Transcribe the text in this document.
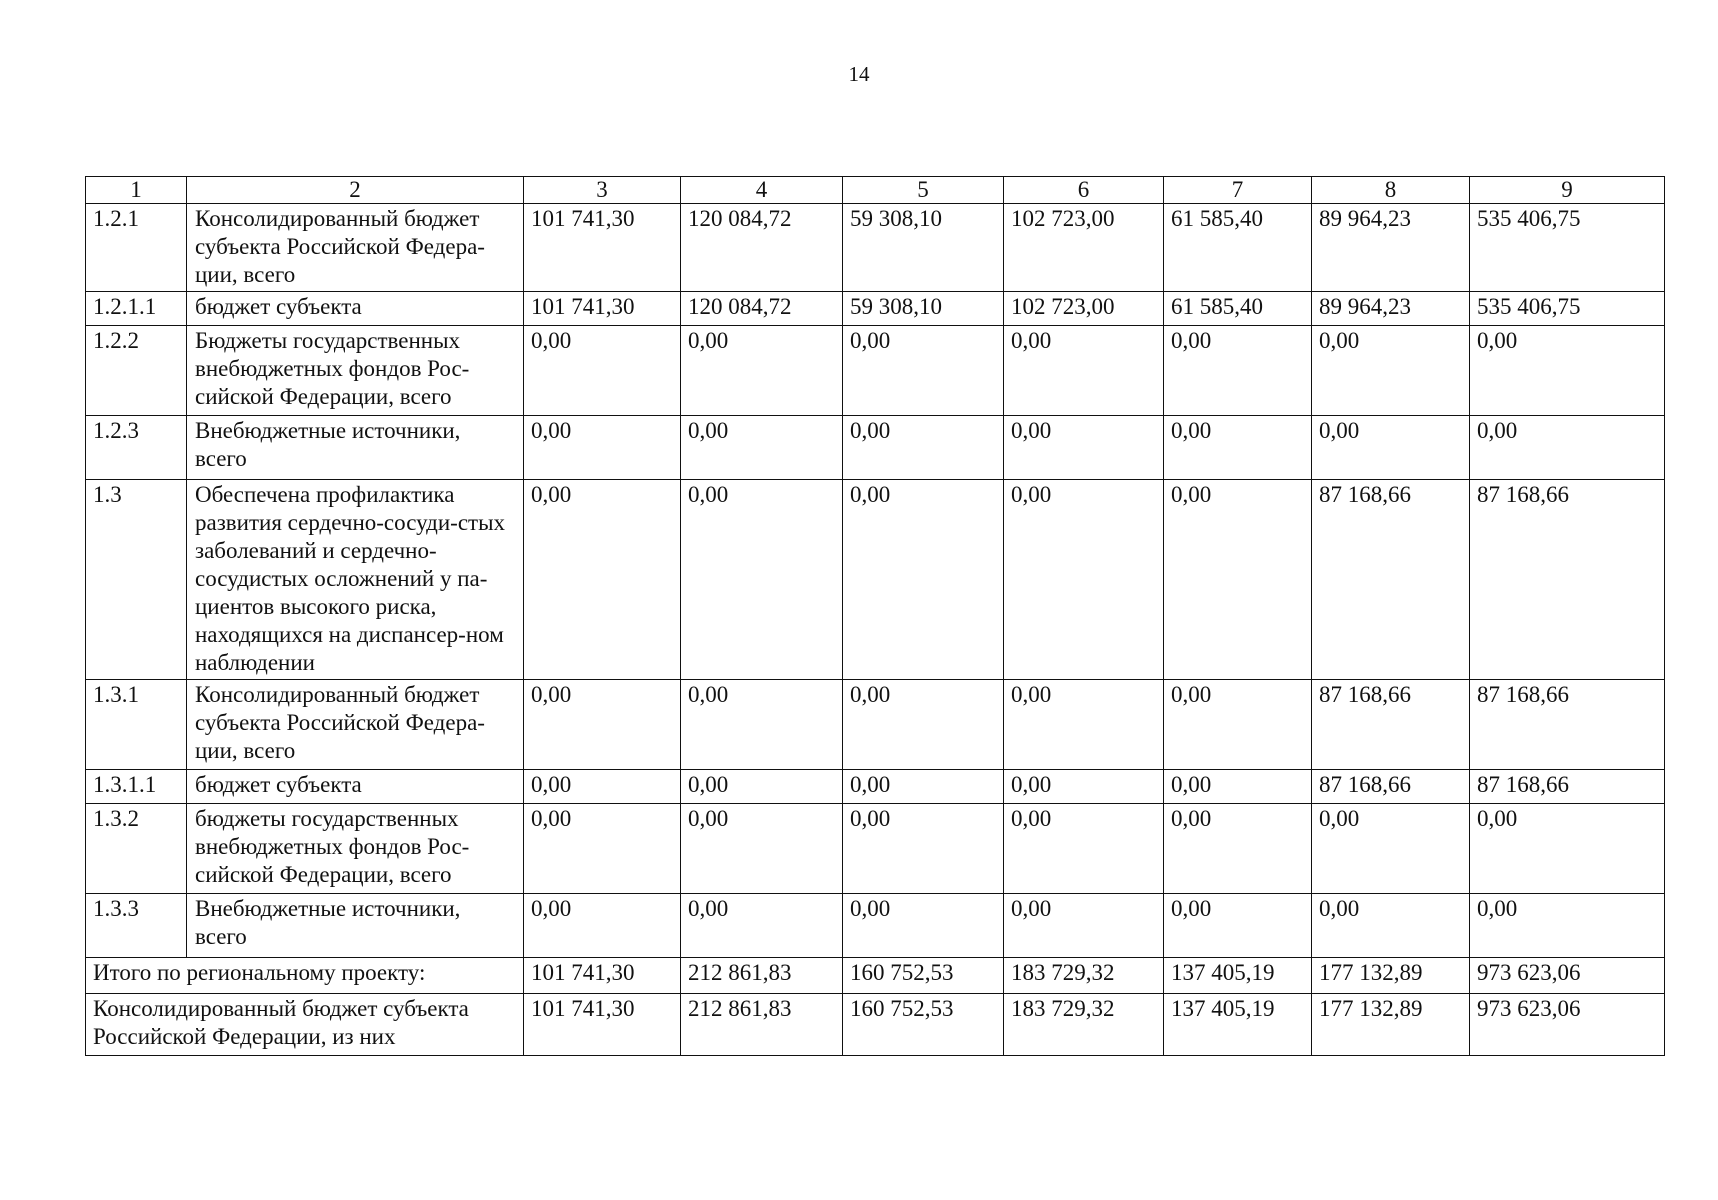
14
1	2	3	4	5	6	7	8	9
1.2.1	Консолидированный бюджет субъекта Российской Федера-ции, всего	101 741,30	120 084,72	59 308,10	102 723,00	61 585,40	89 964,23	535 406,75
1.2.1.1	бюджет субъекта	101 741,30	120 084,72	59 308,10	102 723,00	61 585,40	89 964,23	535 406,75
1.2.2	Бюджеты государственных внебюджетных фондов Рос-сийской Федерации, всего	0,00	0,00	0,00	0,00	0,00	0,00	0,00
1.2.3	Внебюджетные источники, всего	0,00	0,00	0,00	0,00	0,00	0,00	0,00
1.3	Обеспечена профилактика развития сердечно-сосуди-стых заболеваний и сердечно-сосудистых осложнений у па-циентов высокого риска, находящихся на диспансер-ном наблюдении	0,00	0,00	0,00	0,00	0,00	87 168,66	87 168,66
1.3.1	Консолидированный бюджет субъекта Российской Федера-ции, всего	0,00	0,00	0,00	0,00	0,00	87 168,66	87 168,66
1.3.1.1	бюджет субъекта	0,00	0,00	0,00	0,00	0,00	87 168,66	87 168,66
1.3.2	бюджеты государственных внебюджетных фондов Рос-сийской Федерации, всего	0,00	0,00	0,00	0,00	0,00	0,00	0,00
1.3.3	Внебюджетные источники, всего	0,00	0,00	0,00	0,00	0,00	0,00	0,00
Итого по региональному проекту:		101 741,30	212 861,83	160 752,53	183 729,32	137 405,19	177 132,89	973 623,06
Консолидированный бюджет субъекта Российской Федерации, из них		101 741,30	212 861,83	160 752,53	183 729,32	137 405,19	177 132,89	973 623,06
